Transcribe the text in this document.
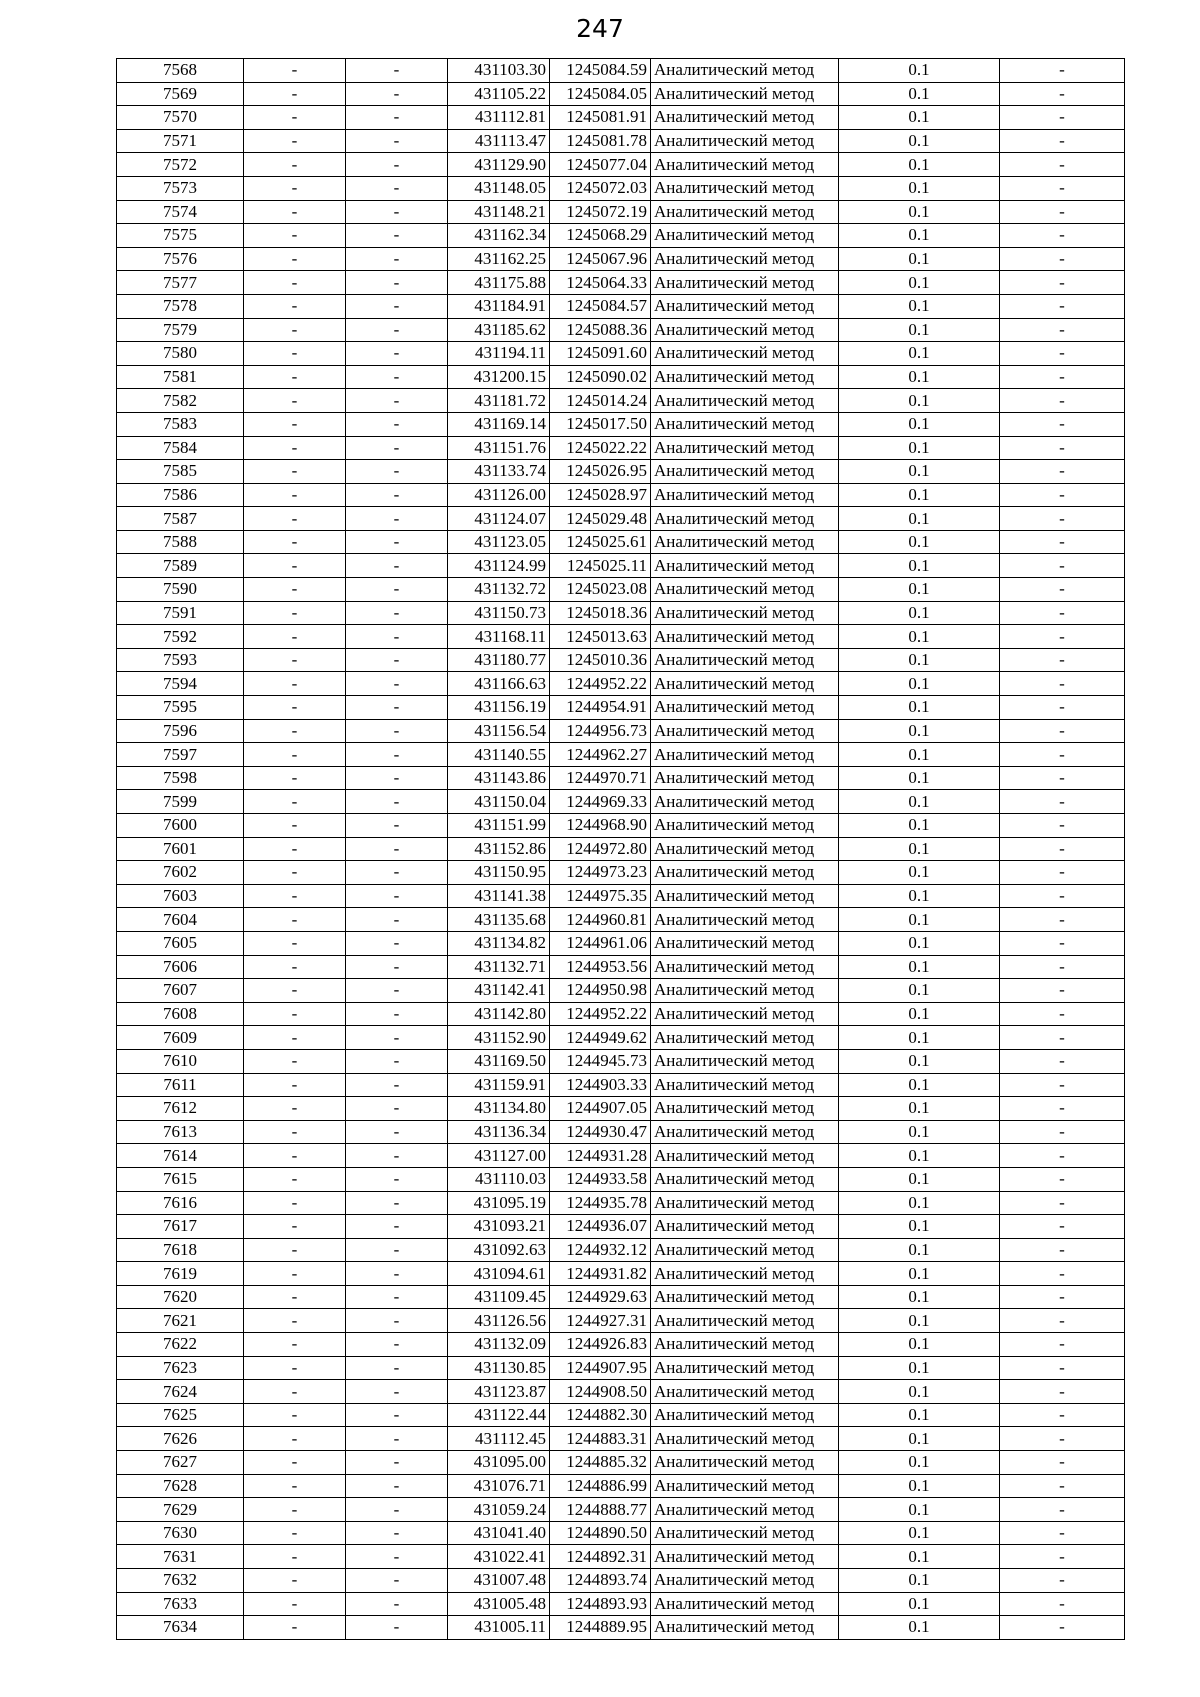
247
7568	-	-	431103.30	1245084.59	Аналитический метод	0.1	-
7569	-	-	431105.22	1245084.05	Аналитический метод	0.1	-
7570	-	-	431112.81	1245081.91	Аналитический метод	0.1	-
7571	-	-	431113.47	1245081.78	Аналитический метод	0.1	-
7572	-	-	431129.90	1245077.04	Аналитический метод	0.1	-
7573	-	-	431148.05	1245072.03	Аналитический метод	0.1	-
7574	-	-	431148.21	1245072.19	Аналитический метод	0.1	-
7575	-	-	431162.34	1245068.29	Аналитический метод	0.1	-
7576	-	-	431162.25	1245067.96	Аналитический метод	0.1	-
7577	-	-	431175.88	1245064.33	Аналитический метод	0.1	-
7578	-	-	431184.91	1245084.57	Аналитический метод	0.1	-
7579	-	-	431185.62	1245088.36	Аналитический метод	0.1	-
7580	-	-	431194.11	1245091.60	Аналитический метод	0.1	-
7581	-	-	431200.15	1245090.02	Аналитический метод	0.1	-
7582	-	-	431181.72	1245014.24	Аналитический метод	0.1	-
7583	-	-	431169.14	1245017.50	Аналитический метод	0.1	-
7584	-	-	431151.76	1245022.22	Аналитический метод	0.1	-
7585	-	-	431133.74	1245026.95	Аналитический метод	0.1	-
7586	-	-	431126.00	1245028.97	Аналитический метод	0.1	-
7587	-	-	431124.07	1245029.48	Аналитический метод	0.1	-
7588	-	-	431123.05	1245025.61	Аналитический метод	0.1	-
7589	-	-	431124.99	1245025.11	Аналитический метод	0.1	-
7590	-	-	431132.72	1245023.08	Аналитический метод	0.1	-
7591	-	-	431150.73	1245018.36	Аналитический метод	0.1	-
7592	-	-	431168.11	1245013.63	Аналитический метод	0.1	-
7593	-	-	431180.77	1245010.36	Аналитический метод	0.1	-
7594	-	-	431166.63	1244952.22	Аналитический метод	0.1	-
7595	-	-	431156.19	1244954.91	Аналитический метод	0.1	-
7596	-	-	431156.54	1244956.73	Аналитический метод	0.1	-
7597	-	-	431140.55	1244962.27	Аналитический метод	0.1	-
7598	-	-	431143.86	1244970.71	Аналитический метод	0.1	-
7599	-	-	431150.04	1244969.33	Аналитический метод	0.1	-
7600	-	-	431151.99	1244968.90	Аналитический метод	0.1	-
7601	-	-	431152.86	1244972.80	Аналитический метод	0.1	-
7602	-	-	431150.95	1244973.23	Аналитический метод	0.1	-
7603	-	-	431141.38	1244975.35	Аналитический метод	0.1	-
7604	-	-	431135.68	1244960.81	Аналитический метод	0.1	-
7605	-	-	431134.82	1244961.06	Аналитический метод	0.1	-
7606	-	-	431132.71	1244953.56	Аналитический метод	0.1	-
7607	-	-	431142.41	1244950.98	Аналитический метод	0.1	-
7608	-	-	431142.80	1244952.22	Аналитический метод	0.1	-
7609	-	-	431152.90	1244949.62	Аналитический метод	0.1	-
7610	-	-	431169.50	1244945.73	Аналитический метод	0.1	-
7611	-	-	431159.91	1244903.33	Аналитический метод	0.1	-
7612	-	-	431134.80	1244907.05	Аналитический метод	0.1	-
7613	-	-	431136.34	1244930.47	Аналитический метод	0.1	-
7614	-	-	431127.00	1244931.28	Аналитический метод	0.1	-
7615	-	-	431110.03	1244933.58	Аналитический метод	0.1	-
7616	-	-	431095.19	1244935.78	Аналитический метод	0.1	-
7617	-	-	431093.21	1244936.07	Аналитический метод	0.1	-
7618	-	-	431092.63	1244932.12	Аналитический метод	0.1	-
7619	-	-	431094.61	1244931.82	Аналитический метод	0.1	-
7620	-	-	431109.45	1244929.63	Аналитический метод	0.1	-
7621	-	-	431126.56	1244927.31	Аналитический метод	0.1	-
7622	-	-	431132.09	1244926.83	Аналитический метод	0.1	-
7623	-	-	431130.85	1244907.95	Аналитический метод	0.1	-
7624	-	-	431123.87	1244908.50	Аналитический метод	0.1	-
7625	-	-	431122.44	1244882.30	Аналитический метод	0.1	-
7626	-	-	431112.45	1244883.31	Аналитический метод	0.1	-
7627	-	-	431095.00	1244885.32	Аналитический метод	0.1	-
7628	-	-	431076.71	1244886.99	Аналитический метод	0.1	-
7629	-	-	431059.24	1244888.77	Аналитический метод	0.1	-
7630	-	-	431041.40	1244890.50	Аналитический метод	0.1	-
7631	-	-	431022.41	1244892.31	Аналитический метод	0.1	-
7632	-	-	431007.48	1244893.74	Аналитический метод	0.1	-
7633	-	-	431005.48	1244893.93	Аналитический метод	0.1	-
7634	-	-	431005.11	1244889.95	Аналитический метод	0.1	-
